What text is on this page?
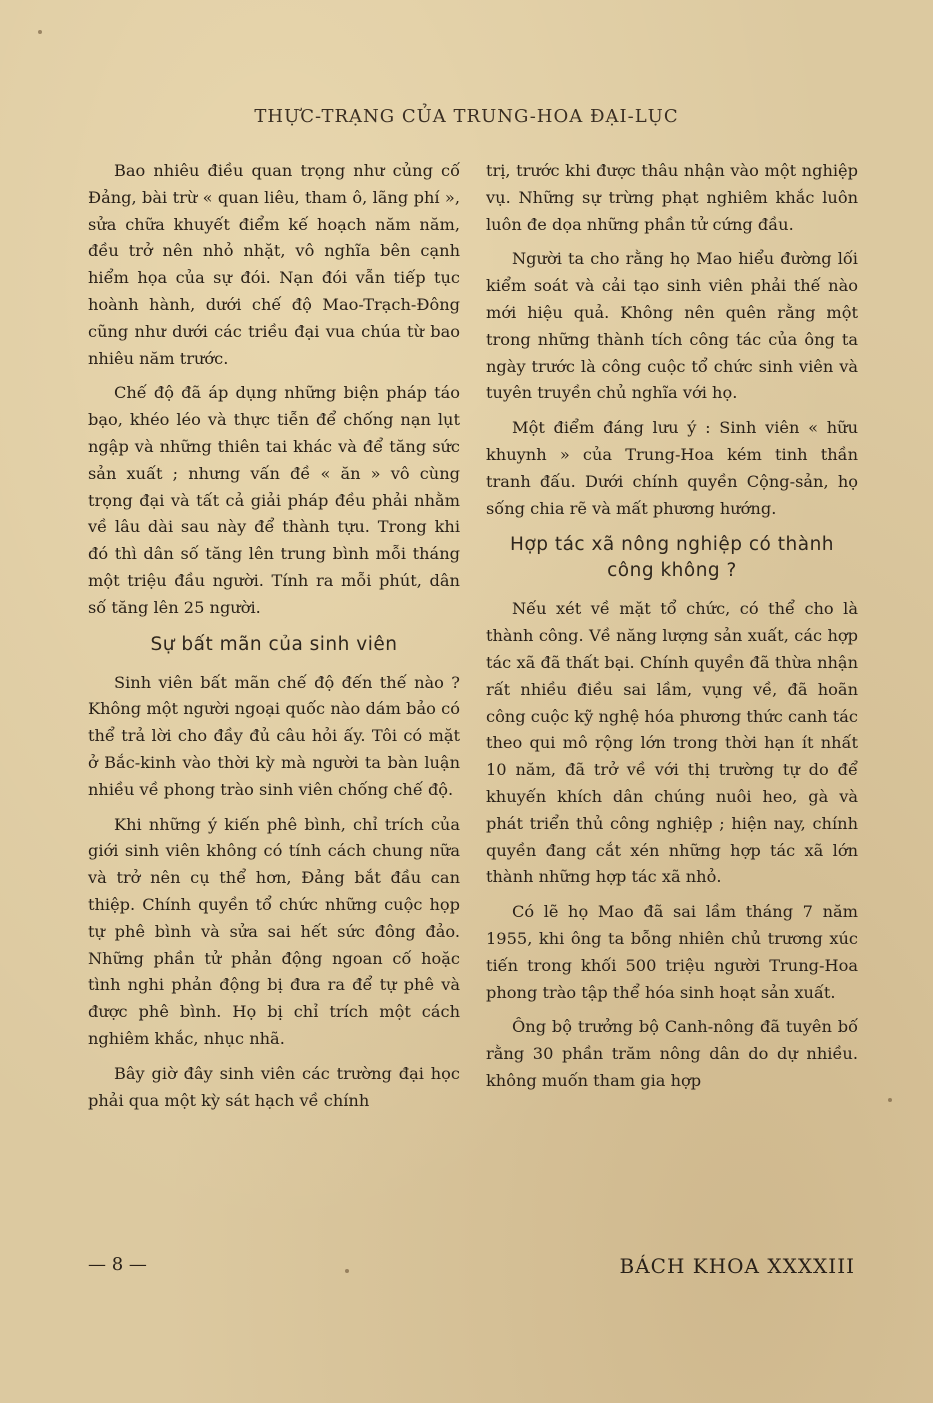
THỰC-TRẠNG CỦA TRUNG-HOA ĐẠI-LỤC

Bao nhiêu điều quan trọng như củng cố Đảng, bài trừ « quan liêu, tham ô, lãng phí », sửa chữa khuyết điểm kế hoạch năm năm, đều trở nên nhỏ nhặt, vô nghĩa bên cạnh hiểm họa của sự đói. Nạn đói vẫn tiếp tục hoành hành, dưới chế độ Mao-Trạch-Đông cũng như dưới các triều đại vua chúa từ bao nhiêu năm trước.

Chế độ đã áp dụng những biện pháp táo bạo, khéo léo và thực tiễn để chống nạn lụt ngập và những thiên tai khác và để tăng sức sản xuất ; nhưng vấn đề « ăn » vô cùng trọng đại và tất cả giải pháp đều phải nhằm về lâu dài sau này để thành tựu. Trong khi đó thì dân số tăng lên trung bình mỗi tháng một triệu đầu người. Tính ra mỗi phút, dân số tăng lên 25 người.

Sự bất mãn của sinh viên

Sinh viên bất mãn chế độ đến thế nào ? Không một người ngoại quốc nào dám bảo có thể trả lời cho đầy đủ câu hỏi ấy. Tôi có mặt ở Bắc-kinh vào thời kỳ mà người ta bàn luận nhiều về phong trào sinh viên chống chế độ.

Khi những ý kiến phê bình, chỉ trích của giới sinh viên không có tính cách chung nữa và trở nên cụ thể hơn, Đảng bắt đầu can thiệp. Chính quyền tổ chức những cuộc họp tự phê bình và sửa sai hết sức đông đảo. Những phần tử phản động ngoan cố hoặc tình nghi phản động bị đưa ra để tự phê và được phê bình. Họ bị chỉ trích một cách nghiêm khắc, nhục nhã.

Bây giờ đây sinh viên các trường đại học phải qua một kỳ sát hạch về chính

trị, trước khi được thâu nhận vào một nghiệp vụ. Những sự trừng phạt nghiêm khắc luôn luôn đe dọa những phần tử cứng đầu.

Người ta cho rằng họ Mao hiểu đường lối kiểm soát và cải tạo sinh viên phải thế nào mới hiệu quả. Không nên quên rằng một trong những thành tích công tác của ông ta ngày trước là công cuộc tổ chức sinh viên và tuyên truyền chủ nghĩa với họ.

Một điểm đáng lưu ý : Sinh viên « hữu khuynh » của Trung-Hoa kém tinh thần tranh đấu. Dưới chính quyền Cộng-sản, họ sống chia rẽ và mất phương hướng.

Hợp tác xã nông nghiệp có thành công không ?

Nếu xét về mặt tổ chức, có thể cho là thành công. Về năng lượng sản xuất, các hợp tác xã đã thất bại. Chính quyền đã thừa nhận rất nhiều điều sai lầm, vụng về, đã hoãn công cuộc kỹ nghệ hóa phương thức canh tác theo qui mô rộng lớn trong thời hạn ít nhất 10 năm, đã trở về với thị trường tự do để khuyến khích dân chúng nuôi heo, gà và phát triển thủ công nghiệp ; hiện nay, chính quyền đang cắt xén những hợp tác xã lớn thành những hợp tác xã nhỏ.

Có lẽ họ Mao đã sai lầm tháng 7 năm 1955, khi ông ta bỗng nhiên chủ trương xúc tiến trong khối 500 triệu người Trung-Hoa phong trào tập thể hóa sinh hoạt sản xuất.

Ông bộ trưởng bộ Canh-nông đã tuyên bố rằng 30 phần trăm nông dân do dự nhiều. không muốn tham gia hợp

— 8 —	BÁCH KHOA XXXXIII
